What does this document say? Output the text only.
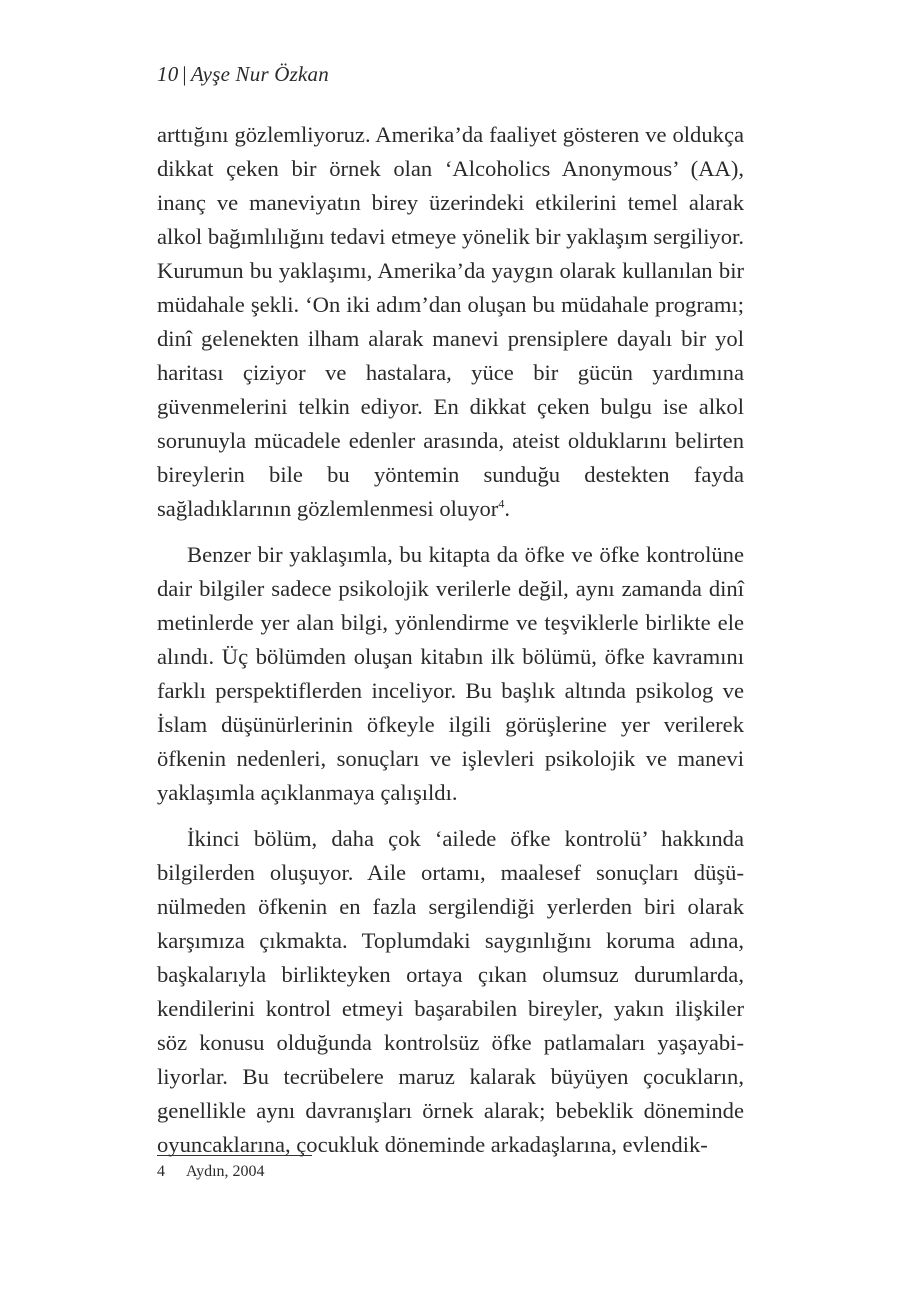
10 | Ayşe Nur Özkan

arttığını gözlemliyoruz. Amerika’da faaliyet gösteren ve oldukça dikkat çeken bir örnek olan ‘Alcoholics Anonymous’ (AA), inanç ve maneviyatın birey üzerindeki etkilerini temel alarak alkol bağımlılığını tedavi etmeye yönelik bir yaklaşım sergiliyor. Kurumun bu yaklaşımı, Amerika’da yaygın olarak kullanılan bir müdahale şekli. ‘On iki adım’dan oluşan bu müdahale programı; dinî gelenekten ilham alarak manevi prensiplere dayalı bir yol haritası çiziyor ve hastalara, yüce bir gücün yardımına güvenmelerini telkin ediyor. En dikkat çeken bulgu ise alkol sorunuyla mücadele edenler arasında, ateist olduklarını belirten bireylerin bile bu yöntemin sunduğu destekten fayda sağladıklarının gözlemlenmesi oluyor$^4$.

Benzer bir yaklaşımla, bu kitapta da öfke ve öfke kontrolüne dair bilgiler sadece psikolojik verilerle değil, aynı zamanda dinî metinlerde yer alan bilgi, yönlendirme ve teşviklerle birlikte ele alındı. Üç bölümden oluşan kitabın ilk bölümü, öfke kavramını farklı perspektiflerden inceliyor. Bu başlık altında psikolog ve İslam düşünürlerinin öfkeyle ilgili görüşlerine yer verilerek öfkenin nedenleri, sonuçları ve işlevleri psikolojik ve manevi yaklaşımla açıklanmaya çalışıldı.

İkinci bölüm, daha çok ‘ailede öfke kontrolü’ hakkında bilgilerden oluşuyor. Aile ortamı, maalesef sonuçları düşünülmeden öfkenin en fazla sergilendiği yerlerden biri olarak karşımıza çıkmakta. Toplumdaki saygınlığını koruma adına, başkalarıyla birlikteyken ortaya çıkan olumsuz durumlarda, kendilerini kontrol etmeyi başarabilen bireyler, yakın ilişkiler söz konusu olduğunda kontrolsüz öfke patlamaları yaşayabiliyorlar. Bu tecrübelere maruz kalarak büyüyen çocukların, genellikle aynı davranışları örnek alarak; bebeklik döneminde oyuncaklarına, çocukluk döneminde arkadaşlarına, evlendik-

4 Aydın, 2004
